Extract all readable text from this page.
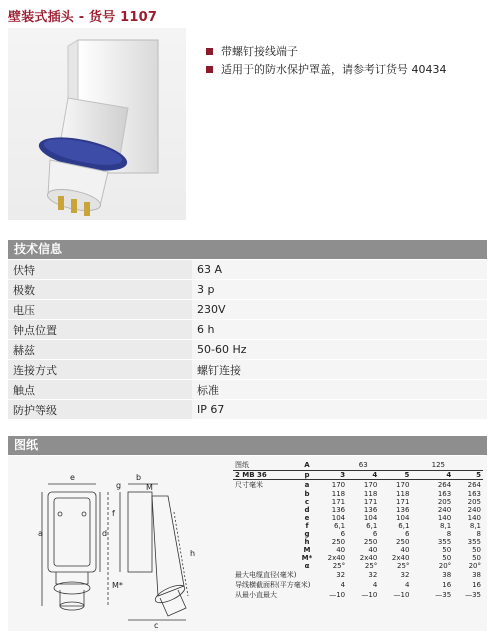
壁装式插头 - 货号 1107
带螺钉接线端子
适用于的防水保护罩盖，请参考订货号 40434
技术信息
伏特	63 A
极数	3 p
电压	230V
钟点位置	6 h
赫兹	50-60 Hz
连接方式	螺钉连接
触点	标准
防护等级	IP 67
图纸
a
e
d
g
b
M
f
h
M*
c
图纸	A		63			125	
2 MB 36	p	3	4	5		4	5
尺寸毫米	a	170	170	170		264	264
	b	118	118	118		163	163
	c	171	171	171		205	205
	d	136	136	136		240	240
	e	104	104	104		140	140
	f	6,1	6,1	6,1		8,1	8,1
	g	6	6	6		8	8
	h	250	250	250		355	355
	M	40	40	40		50	50
	M*	2x40	2x40	2x40		50	50
	α	25°	25°	25°		20°	20°
最大电缆直径(毫米)		32	32	32		38	38
导线横截面积(平方毫米)		4	4	4		16	16
从最小直最大		—10	—10	—10		—35	—35
